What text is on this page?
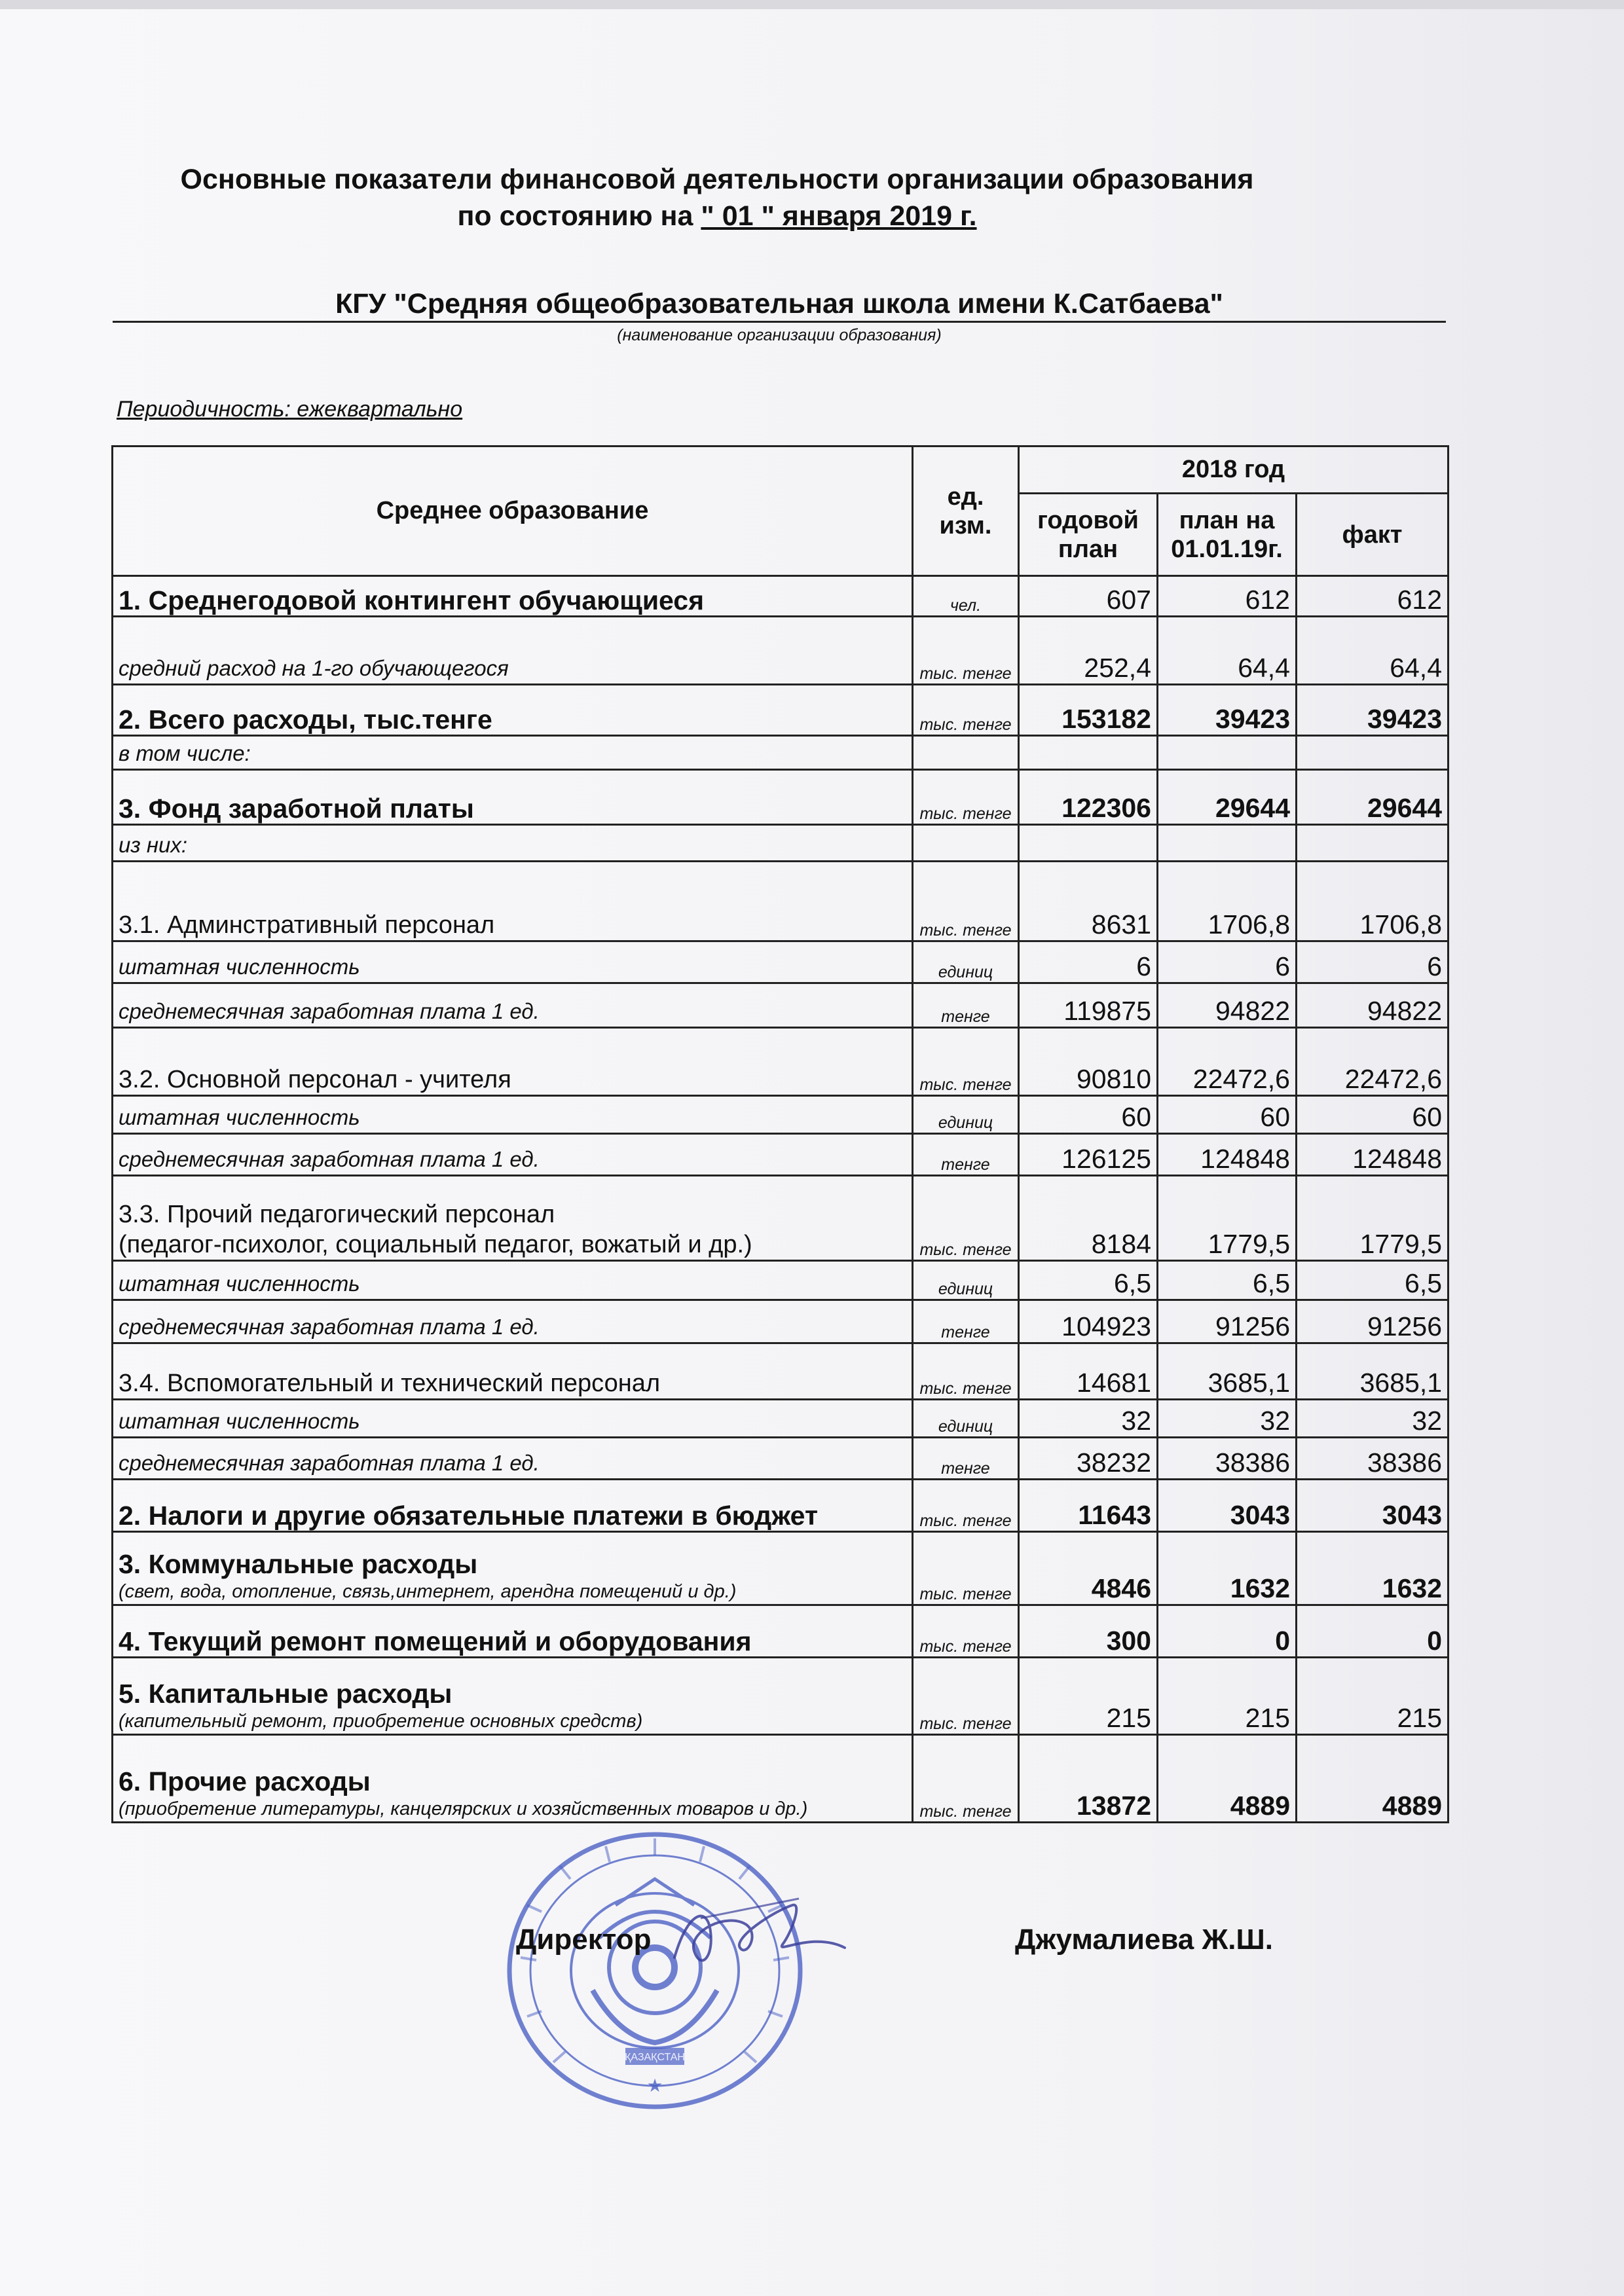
Основные показатели финансовой деятельности организации образования
по состоянию на " 01 " января 2019 г.
КГУ "Средняя общеобразовательная школа имени К.Сатбаева"
(наименование организации образования)
Периодичность: ежеквартально
Среднее образование	ед. изм.	2018 год		
		годовой план	план на 01.01.19г.	факт
1. Среднегодовой контингент обучающиеся	чел.	607	612	612
средний расход на 1-го обучающегося	тыс. тенге	252,4	64,4	64,4
2. Всего расходы, тыс.тенге	тыс. тенге	153182	39423	39423
в том числе:				
3. Фонд заработной платы	тыс. тенге	122306	29644	29644
из них:				
3.1. Админстративный персонал	тыс. тенге	8631	1706,8	1706,8
штатная численность	единиц	6	6	6
среднемесячная заработная плата 1 ед.	тенге	119875	94822	94822
3.2. Основной персонал - учителя	тыс. тенге	90810	22472,6	22472,6
штатная численность	единиц	60	60	60
среднемесячная заработная плата 1 ед.	тенге	126125	124848	124848

3.3. Прочий педагогический персонал
(педагог-психолог, социальный педагог, вожатый и др.)	тыс. тенге	8184	1779,5	1779,5
штатная численность	единиц	6,5	6,5	6,5
среднемесячная заработная плата 1 ед.	тенге	104923	91256	91256
3.4. Вспомогательный и технический персонал	тыс. тенге	14681	3685,1	3685,1
штатная численность	единиц	32	32	32
среднемесячная заработная плата 1 ед.	тенге	38232	38386	38386
2. Налоги и другие обязательные платежи в бюджет	тыс. тенге	11643	3043	3043

3. Коммунальные расходы
(свет, вода, отопление, связь,интернет, арендна помещений и др.)	тыс. тенге	4846	1632	1632
4. Текущий ремонт помещений и оборудования	тыс. тенге	300	0	0

5. Капитальные расходы
(капительный ремонт, приобретение основных средств)	тыс. тенге	215	215	215

6. Прочие расходы
(приобретение литературы, канцелярских и хозяйственных товаров и др.)	тыс. тенге	13872	4889	4889
ҚАЗАҚСТАН
★
Директор	Джумалиева Ж.Ш.
